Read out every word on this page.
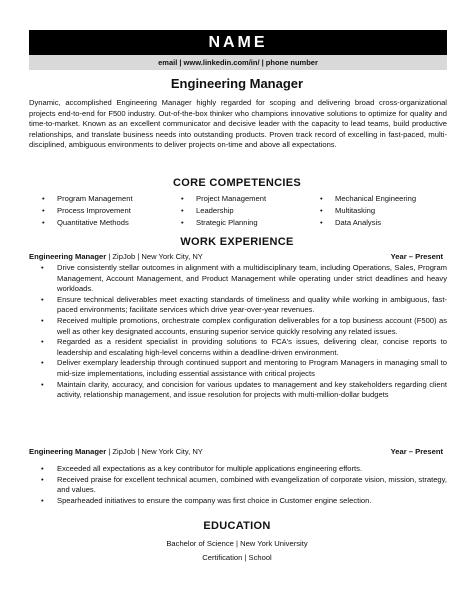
NAME
email | www.linkedin.com/in/ | phone number
Engineering Manager

Dynamic, accomplished Engineering Manager highly regarded for scoping and delivering broad cross-organizational projects end-to-end for F500 industry. Out-of-the-box thinker who champions innovative solutions to optimize for quality and time-to-market. Known as an excellent communicator and decisive leader with the capacity to lead teams, build productive relationships, and translate business needs into outstanding products. Proven track record of excelling in fast-paced, multi-disciplined, ambiguous environments to deliver projects on-time and above all expectations.

CORE COMPETENCIES
• Program Management
• Process Improvement
• Quantitative Methods
• Project Management
• Leadership
• Strategic Planning
• Mechanical Engineering
• Multitasking
• Data Analysis
WORK EXPERIENCE
Engineering Manager | ZipJob | New York City, NY	Year – Present
• Drive consistently stellar outcomes in alignment with a multidisciplinary team, including Operations, Sales, Program Management, Account Management, and Product Management while operating under strict deadlines and heavy workloads.
• Ensure technical deliverables meet exacting standards of timeliness and quality while working in ambiguous, fast-paced environments; facilitate services which drive year-over-year revenues.
• Received multiple promotions, orchestrate complex configuration deliverables for a top business account (F500) as well as other key designated accounts, ensuring superior service quickly resolving any related issues.
• Regarded as a resident specialist in providing solutions to FCA's issues, delivering clear, concise reports to leadership and escalating high-level concerns within a deadline-driven environment.
• Deliver exemplary leadership through continued support and mentoring to Program Managers in managing small to mid-size implementations, including essential assistance with critical projects
• Maintain clarity, accuracy, and concision for various updates to management and key stakeholders regarding client activity, relationship management, and issue resolution for projects with multi-million-dollar budgets
Engineering Manager | ZipJob | New York City, NY	Year – Present
• Exceeded all expectations as a key contributor for multiple applications engineering efforts.
• Received praise for excellent technical acumen, combined with evangelization of corporate vision, mission, strategy, and values.
• Spearheaded initiatives to ensure the company was first choice in Customer engine selection.
EDUCATION
Bachelor of Science | New York University
Certification | School
